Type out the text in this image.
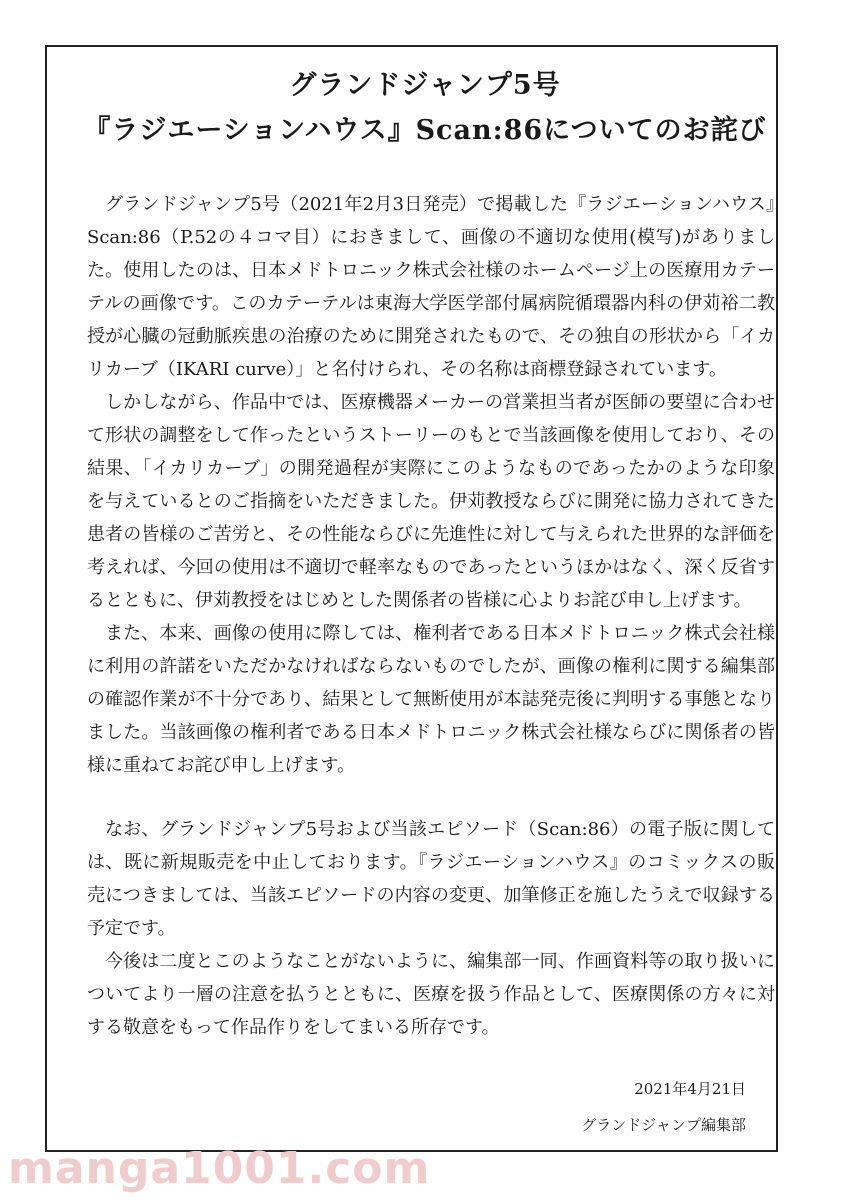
グランドジャンプ5号
『ラジエーションハウス』Scan:86についてのお詫び

グランドジャンプ5号（2021年2月3日発売）で掲載した『ラジエーションハウス』Scan:86（P.52の４コマ目）におきまして、画像の不適切な使用(模写)がありました。使用したのは、日本メドトロニック株式会社様のホームページ上の医療用カテーテルの画像です。このカテーテルは東海大学医学部付属病院循環器内科の伊苅裕二教授が心臓の冠動脈疾患の治療のために開発されたもので、その独自の形状から「イカリカーブ（IKARI curve）」と名付けられ、その名称は商標登録されています。

しかしながら、作品中では、医療機器メーカーの営業担当者が医師の要望に合わせて形状の調整をして作ったというストーリーのもとで当該画像を使用しており、その結果、「イカリカーブ」の開発過程が実際にこのようなものであったかのような印象を与えているとのご指摘をいただきました。伊苅教授ならびに開発に協力されてきた患者の皆様のご苦労と、その性能ならびに先進性に対して与えられた世界的な評価を考えれば、今回の使用は不適切で軽率なものであったというほかはなく、深く反省するとともに、伊苅教授をはじめとした関係者の皆様に心よりお詫び申し上げます。

また、本来、画像の使用に際しては、権利者である日本メドトロニック株式会社様に利用の許諾をいただかなければならないものでしたが、画像の権利に関する編集部の確認作業が不十分であり、結果として無断使用が本誌発売後に判明する事態となりました。当該画像の権利者である日本メドトロニック株式会社様ならびに関係者の皆様に重ねてお詫び申し上げます。

なお、グランドジャンプ5号および当該エピソード（Scan:86）の電子版に関しては、既に新規販売を中止しております。『ラジエーションハウス』のコミックスの販売につきましては、当該エピソードの内容の変更、加筆修正を施したうえで収録する予定です。

今後は二度とこのようなことがないように、編集部一同、作画資料等の取り扱いについてより一層の注意を払うとともに、医療を扱う作品として、医療関係の方々に対する敬意をもって作品作りをしてまいる所存です。

2021年4月21日
グランドジャンプ編集部
manga1001.com
